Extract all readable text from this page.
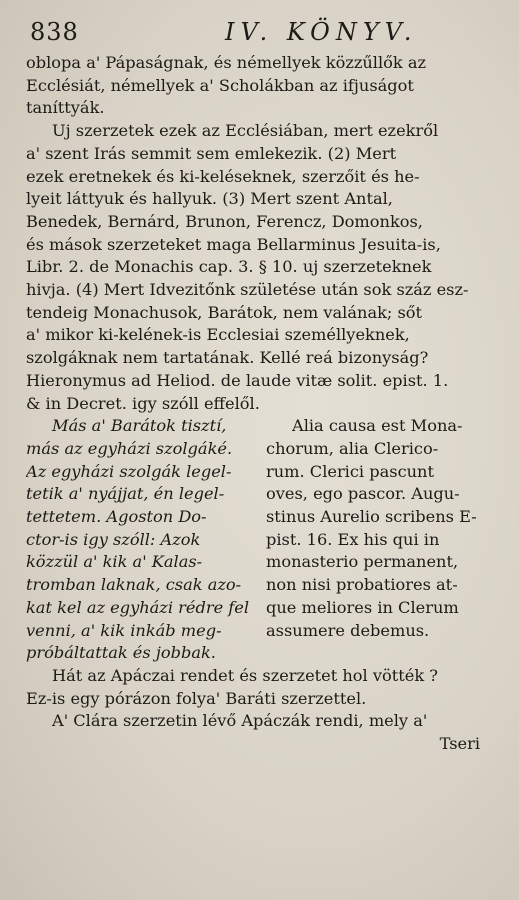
838	IV. KÖNYV.
oblopa a' Pápaságnak, és némellyek közzűllők az
Ecclésiát, némellyek a' Scholákban az ifjuságot
taníttyák.
Uj szerzetek ezek az Ecclésiában, mert ezekről
a' szent Irás semmit sem emlekezik. (2) Mert
ezek eretnekek és ki-keléseknek, szerzőit és he-
lyeit láttyuk és hallyuk. (3) Mert szent Antal,
Benedek, Bernárd, Brunon, Ferencz, Domonkos,
és mások szerzeteket maga Bellarminus Jesuita-is,
Libr. 2. de Monachis cap. 3. § 10. uj szerzeteknek
hivja. (4) Mert Idvezitőnk születése után sok száz esz-
tendeig Monachusok, Barátok, nem valának; sőt
a' mikor ki-kelének-is Ecclesiai személlyeknek,
szolgáknak nem tartatának. Kellé reá bizonyság?
Hieronymus ad Heliod. de laude vitæ solit. epist. 1.
& in Decret. igy szóll effelől.
Más a' Barátok tisztí,
más az egyházi szolgáké.
Az egyházi szolgák legel-
tetik a' nyájjat, én legel-
tettetem. Agoston Do-
ctor-is igy szóll: Azok
közzül a' kik a' Kalas-
tromban laknak, csak azo-
kat kel az egyházi rédre fel
venni, a' kik inkáb meg-
próbáltattak és jobbak.
Alia causa est Mona-
chorum, alia Clerico-
rum. Clerici pascunt
oves, ego pascor. Augu-
stinus Aurelio scribens E-
pist. 16. Ex his qui in
monasterio permanent,
non nisi probatiores at-
que meliores in Clerum
assumere debemus.
Hát az Apáczai rendet és szerzetet hol vötték ?
Ez-is egy pórázon folya' Baráti szerzettel.
A' Clára szerzetin lévő Apáczák rendi, mely a'
Tseri
